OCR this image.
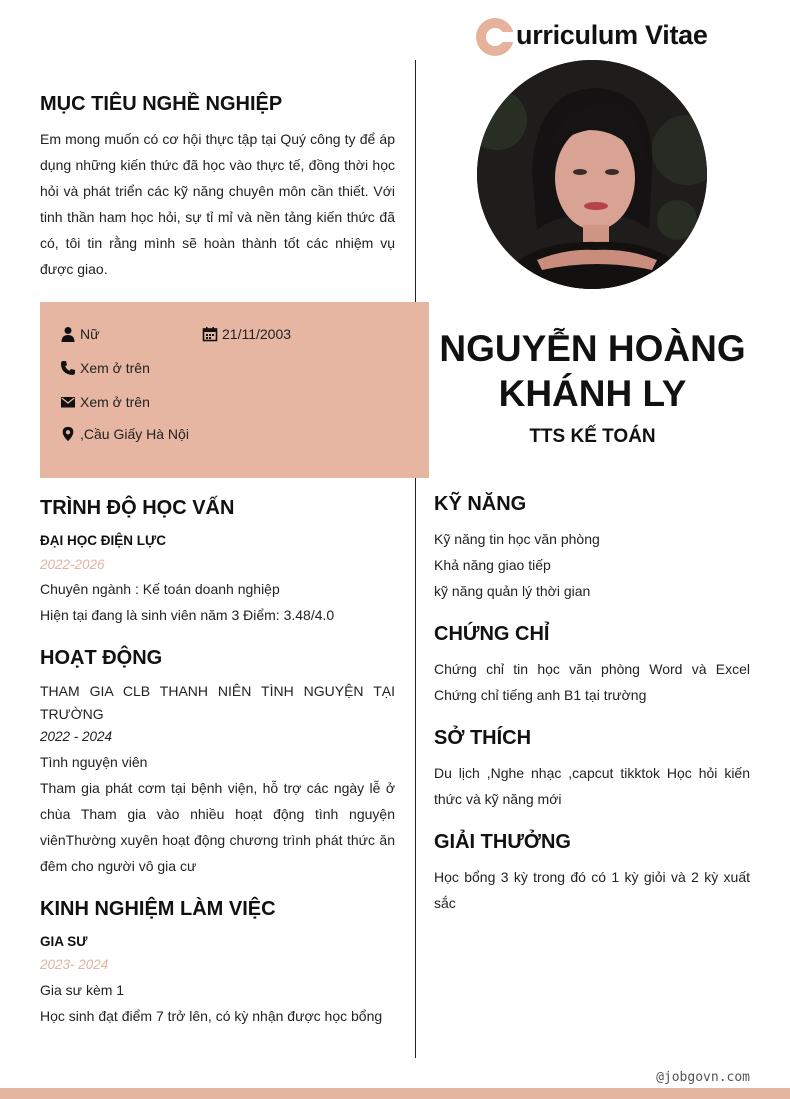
urriculum Vitae
NGUYỄN HOÀNG
KHÁNH LY
TTS KẾ TOÁN
MỤC TIÊU NGHỀ NGHIỆP
Em mong muốn có cơ hội thực tập tại Quý công ty để áp dụng những kiến thức đã học vào thực tế, đồng thời học hỏi và phát triển các kỹ năng chuyên môn cần thiết. Với tinh thần ham học hỏi, sự tỉ mỉ và nền tảng kiến thức đã có, tôi tin rằng mình sẽ hoàn thành tốt các nhiệm vụ được giao.
Nữ	21/11/2003
Xem ở trên
Xem ở trên
,Cầu Giấy Hà Nội
TRÌNH ĐỘ HỌC VẤN
ĐẠI HỌC ĐIỆN LỰC
2022-2026
Chuyên ngành : Kế toán doanh nghiệp
Hiện tại đang là sinh viên năm 3 Điểm: 3.48/4.0
HOẠT ĐỘNG
THAM GIA CLB THANH NIÊN TÌNH NGUYỆN TẠI TRƯỜNG
2022 - 2024
Tình nguyện viên
Tham gia phát cơm tại bệnh viện, hỗ trợ các ngày lễ ở chùa Tham gia vào nhiều hoạt động tình nguyện viênThường xuyên hoạt động chương trình phát thức ăn đêm cho người vô gia cư
KINH NGHIỆM LÀM VIỆC
GIA SƯ
2023- 2024
Gia sư kèm 1
Học sinh đạt điểm 7 trở lên, có kỳ nhận được học bổng
KỸ NĂNG
Kỹ năng tin học văn phòng
Khả năng giao tiếp
kỹ năng quản lý thời gian
CHỨNG CHỈ
Chứng chỉ tin học văn phòng Word và Excel Chứng chỉ tiếng anh B1 tại trường
SỞ THÍCH
Du lịch ,Nghe nhạc ,capcut tikktok Học hỏi kiến thức và kỹ năng mới
GIẢI THƯỞNG
Học bổng 3 kỳ trong đó có 1 kỳ giỏi và 2 kỳ xuất sắc
@jobgovn.com
